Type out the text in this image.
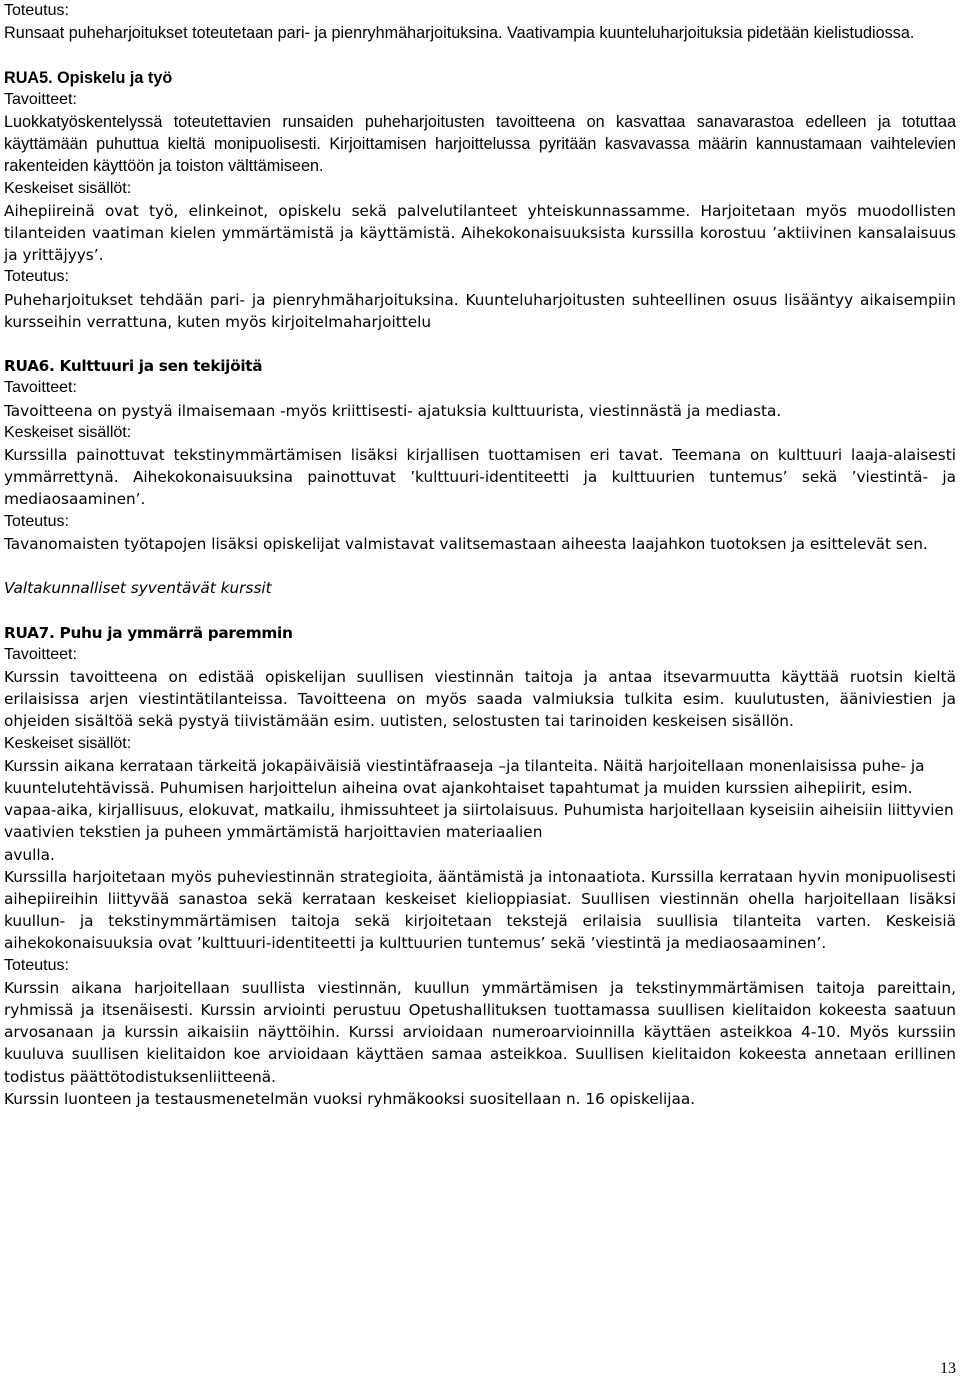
Toteutus:

Runsaat puheharjoitukset toteutetaan pari- ja pienryhmäharjoituksina. Vaativampia kuunteluharjoituksia pidetään kielistudiossa.

RUA5. Opiskelu ja työ

Tavoitteet:

Luokkatyöskentelyssä toteutettavien runsaiden puheharjoitusten tavoitteena on kasvattaa sanavarastoa edelleen ja totuttaa käyttämään puhuttua kieltä monipuolisesti. Kirjoittamisen harjoittelussa pyritään kasvavassa määrin kannustamaan vaihtelevien rakenteiden käyttöön ja toiston välttämiseen.

Keskeiset sisällöt:

Aihepiireinä ovat työ, elinkeinot, opiskelu sekä palvelutilanteet yhteiskunnassamme. Harjoitetaan myös muodollisten tilanteiden vaatiman kielen ymmärtämistä ja käyttämistä. Aihekokonaisuuksista kurssilla korostuu ’aktiivinen kansalaisuus ja yrittäjyys’.

Toteutus:

Puheharjoitukset tehdään pari- ja pienryhmäharjoituksina. Kuunteluharjoitusten suhteellinen osuus lisääntyy aikaisempiin kursseihin verrattuna, kuten myös kirjoitelmaharjoittelu

RUA6. Kulttuuri ja sen tekijöitä

Tavoitteet:

Tavoitteena on pystyä ilmaisemaan -myös kriittisesti- ajatuksia kulttuurista, viestinnästä ja mediasta.

Keskeiset sisällöt:

Kurssilla painottuvat tekstinymmärtämisen lisäksi kirjallisen tuottamisen eri tavat. Teemana on kulttuuri laaja-alaisesti ymmärrettynä. Aihekokonaisuuksina painottuvat ’kulttuuri-identiteetti ja kulttuurien tuntemus’ sekä ’viestintä- ja mediaosaaminen’.

Toteutus:

Tavanomaisten työtapojen lisäksi opiskelijat valmistavat valitsemastaan aiheesta laajahkon tuotoksen ja esittelevät sen.

Valtakunnalliset syventävät kurssit

RUA7. Puhu ja ymmärrä paremmin

Tavoitteet:

Kurssin tavoitteena on edistää opiskelijan suullisen viestinnän taitoja ja antaa itsevarmuutta käyttää ruotsin kieltä erilaisissa arjen viestintätilanteissa. Tavoitteena on myös saada valmiuksia tulkita esim. kuulutusten, ääniviestien ja ohjeiden sisältöä sekä pystyä tiivistämään esim. uutisten, selostusten tai tarinoiden keskeisen sisällön.

Keskeiset sisällöt:

Kurssin aikana kerrataan tärkeitä jokapäiväisiä viestintäfraaseja –ja tilanteita. Näitä harjoitellaan monenlaisissa puhe- ja kuuntelutehtävissä. Puhumisen harjoittelun aiheina ovat ajankohtaiset tapahtumat ja muiden kurssien aihepiirit, esim. vapaa-aika, kirjallisuus, elokuvat, matkailu, ihmissuhteet ja siirtolaisuus. Puhumista harjoitellaan kyseisiin aiheisiin liittyvien vaativien tekstien ja puheen ymmärtämistä harjoittavien materiaalien

avulla.

Kurssilla harjoitetaan myös puheviestinnän strategioita, ääntämistä ja intonaatiota. Kurssilla kerrataan hyvin monipuolisesti aihepiireihin liittyvää sanastoa sekä kerrataan keskeiset kielioppiasiat. Suullisen viestinnän ohella harjoitellaan lisäksi kuullun- ja tekstinymmärtämisen taitoja sekä kirjoitetaan tekstejä erilaisia suullisia tilanteita varten. Keskeisiä aihekokonaisuuksia ovat ’kulttuuri-identiteetti ja kulttuurien tuntemus’ sekä ’viestintä ja mediaosaaminen’.

Toteutus:

Kurssin aikana harjoitellaan suullista viestinnän, kuullun ymmärtämisen ja tekstinymmärtämisen taitoja pareittain, ryhmissä ja itsenäisesti. Kurssin arviointi perustuu Opetushallituksen tuottamassa suullisen kielitaidon kokeesta saatuun arvosanaan ja kurssin aikaisiin näyttöihin. Kurssi arvioidaan numeroarvioinnilla käyttäen asteikkoa 4-10. Myös kurssiin kuuluva suullisen kielitaidon koe arvioidaan käyttäen samaa asteikkoa. Suullisen kielitaidon kokeesta annetaan erillinen todistus päättötodistuksenliitteenä.

Kurssin luonteen ja testausmenetelmän vuoksi ryhmäkooksi suositellaan n. 16 opiskelijaa.

13
